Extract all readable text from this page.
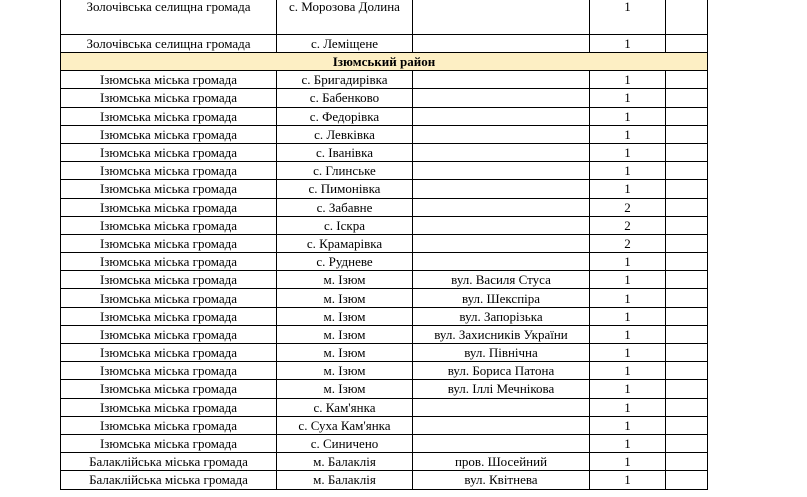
Золочівська селищна громада	с. Морозова Долина		1	
Золочівська селищна громада	с. Леміщене		1	
Ізюмський район				
Ізюмська міська громада	с. Бригадирівка		1	
Ізюмська міська громада	с. Бабенково		1	
Ізюмська міська громада	с. Федорівка		1	
Ізюмська міська громада	с. Левківка		1	
Ізюмська міська громада	с. Іванівка		1	
Ізюмська міська громада	с. Глинське		1	
Ізюмська міська громада	с. Пимонівка		1	
Ізюмська міська громада	с. Забавне		2	
Ізюмська міська громада	с. Іскра		2	
Ізюмська міська громада	с. Крамарівка		2	
Ізюмська міська громада	с. Рудневе		1	
Ізюмська міська громада	м. Ізюм	вул. Василя Стуса	1	
Ізюмська міська громада	м. Ізюм	вул. Шекспіра	1	
Ізюмська міська громада	м. Ізюм	вул. Запорізька	1	
Ізюмська міська громада	м. Ізюм	вул. Захисників України	1	
Ізюмська міська громада	м. Ізюм	вул. Північна	1	
Ізюмська міська громада	м. Ізюм	вул. Бориса Патона	1	
Ізюмська міська громада	м. Ізюм	вул. Іллі Мечнікова	1	
Ізюмська міська громада	с. Кам'янка		1	
Ізюмська міська громада	с. Суха Кам'янка		1	
Ізюмська міська громада	с. Синичено		1	
Балаклійська міська громада	м. Балаклія	пров. Шосейний	1	
Балаклійська міська громада	м. Балаклія	вул. Квітнева	1	
